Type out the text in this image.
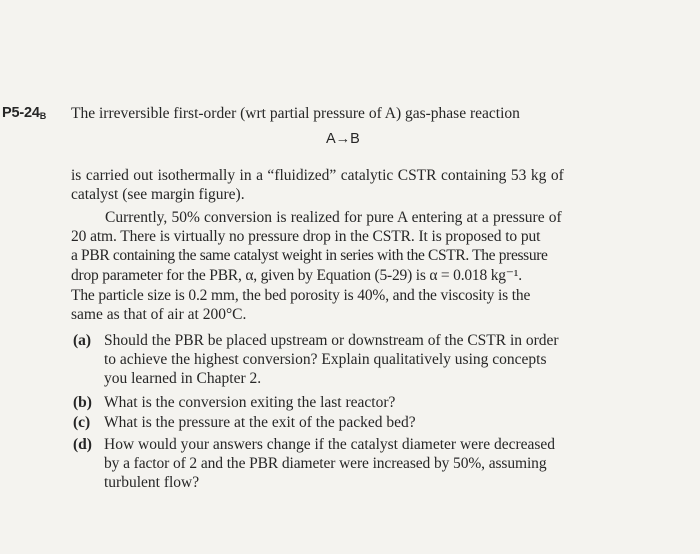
$P5-24_B$ The irreversible first-order (wrt partial pressure of A) gas-phase reaction
A→B
is carried out isothermally in a “fluidized” catalytic CSTR containing 53 kg of
catalyst (see margin figure).
Currently, 50% conversion is realized for pure A entering at a pressure of
20 atm. There is virtually no pressure drop in the CSTR. It is proposed to put
a PBR containing the same catalyst weight in series with the CSTR. The pressure
drop parameter for the PBR, α, given by Equation (5-29) is α = 0.018 kg⁻¹.
The particle size is 0.2 mm, the bed porosity is 40%, and the viscosity is the
same as that of air at 200°C.
(a) Should the PBR be placed upstream or downstream of the CSTR in order
to achieve the highest conversion? Explain qualitatively using concepts
you learned in Chapter 2.
(b) What is the conversion exiting the last reactor?
(c) What is the pressure at the exit of the packed bed?
(d) How would your answers change if the catalyst diameter were decreased
by a factor of 2 and the PBR diameter were increased by 50%, assuming
turbulent flow?
